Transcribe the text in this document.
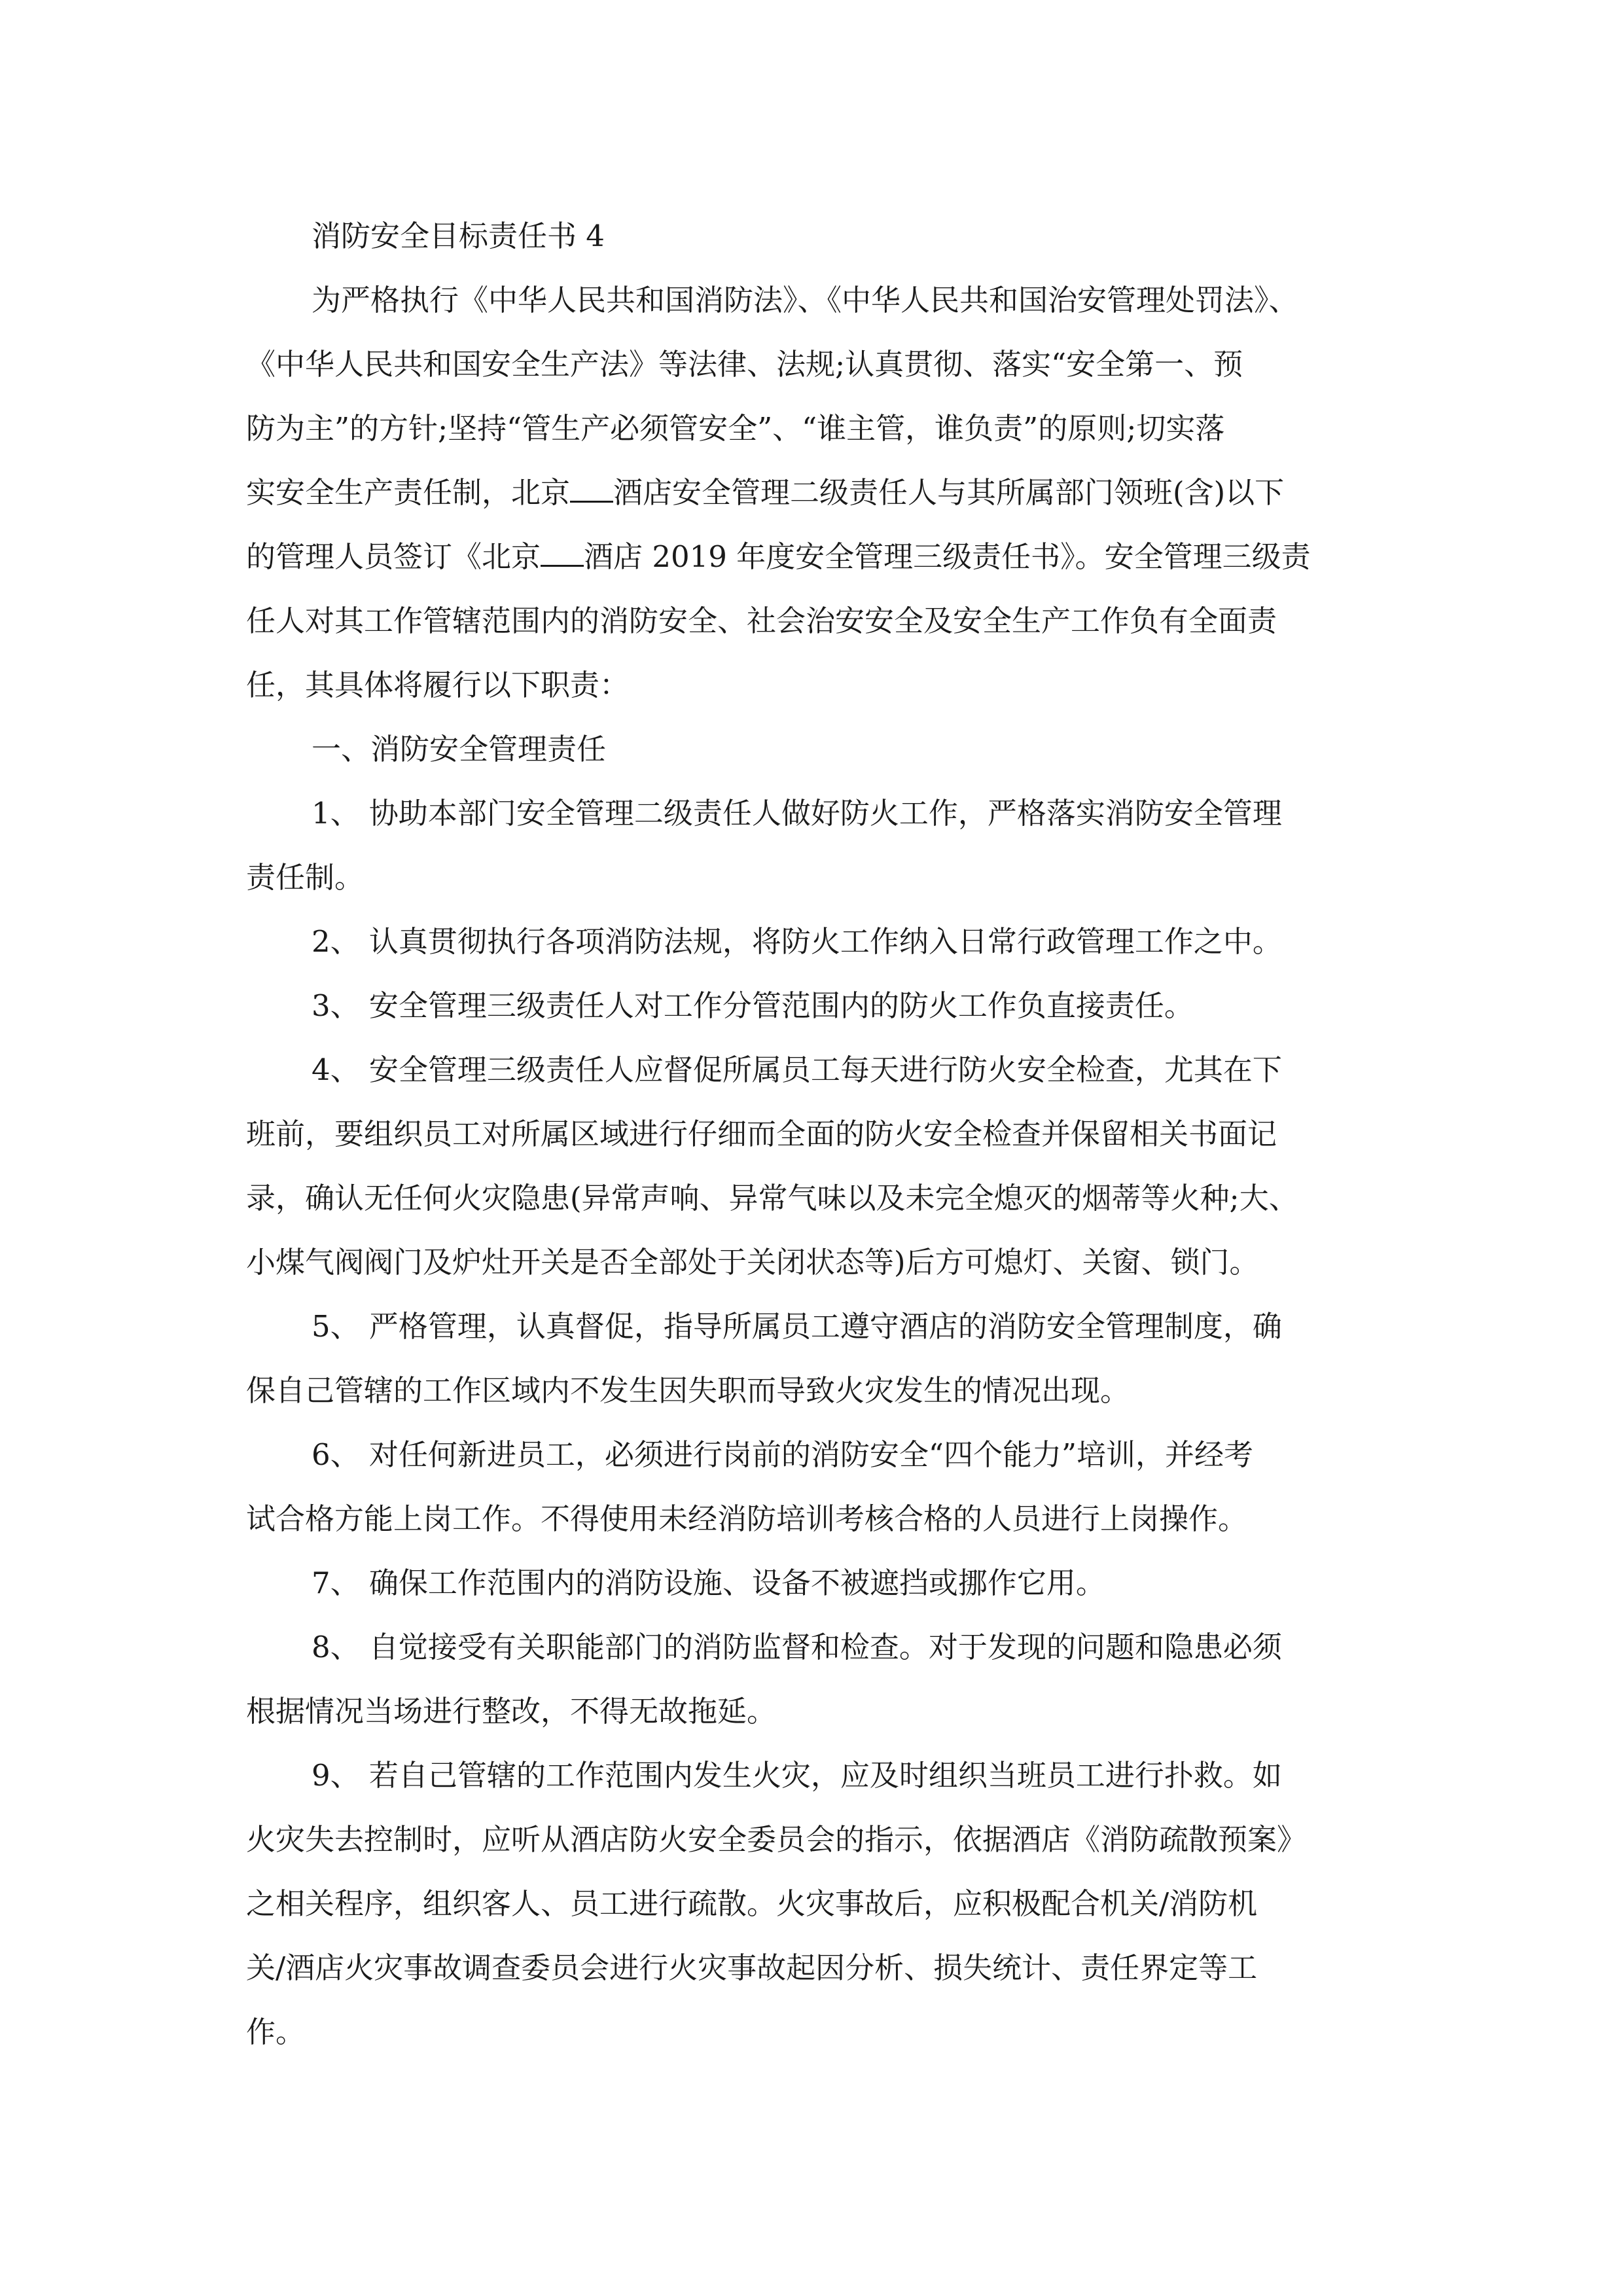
消防安全目标责任书 4

为严格执行《中华人民共和国消防法》、《中华人民共和国治安管理处罚法》、
《中华人民共和国安全生产法》等法律、法规;认真贯彻、落实“安全第一、预
防为主”的方针;坚持“管生产必须管安全”、“谁主管，谁负责”的原则;切实落
实安全生产责任制，北京 酒店安全管理二级责任人与其所属部门领班(含)以下
的管理人员签订《北京 酒店 2019 年度安全管理三级责任书》。安全管理三级责
任人对其工作管辖范围内的消防安全、社会治安安全及安全生产工作负有全面责
任，其具体将履行以下职责：

一、消防安全管理责任

1、 协助本部门安全管理二级责任人做好防火工作，严格落实消防安全管理
责任制。

2、 认真贯彻执行各项消防法规，将防火工作纳入日常行政管理工作之中。

3、 安全管理三级责任人对工作分管范围内的防火工作负直接责任。

4、 安全管理三级责任人应督促所属员工每天进行防火安全检查，尤其在下
班前，要组织员工对所属区域进行仔细而全面的防火安全检查并保留相关书面记
录，确认无任何火灾隐患(异常声响、异常气味以及未完全熄灭的烟蒂等火种;大、
小煤气阀阀门及炉灶开关是否全部处于关闭状态等)后方可熄灯、关窗、锁门。

5、 严格管理，认真督促，指导所属员工遵守酒店的消防安全管理制度，确
保自己管辖的工作区域内不发生因失职而导致火灾发生的情况出现。

6、 对任何新进员工，必须进行岗前的消防安全“四个能力”培训，并经考
试合格方能上岗工作。不得使用未经消防培训考核合格的人员进行上岗操作。

7、 确保工作范围内的消防设施、设备不被遮挡或挪作它用。

8、 自觉接受有关职能部门的消防监督和检查。对于发现的问题和隐患必须
根据情况当场进行整改，不得无故拖延。

9、 若自己管辖的工作范围内发生火灾，应及时组织当班员工进行扑救。如
火灾失去控制时，应听从酒店防火安全委员会的指示，依据酒店《消防疏散预案》
之相关程序，组织客人、员工进行疏散。火灾事故后，应积极配合机关/消防机
关/酒店火灾事故调查委员会进行火灾事故起因分析、损失统计、责任界定等工
作。
